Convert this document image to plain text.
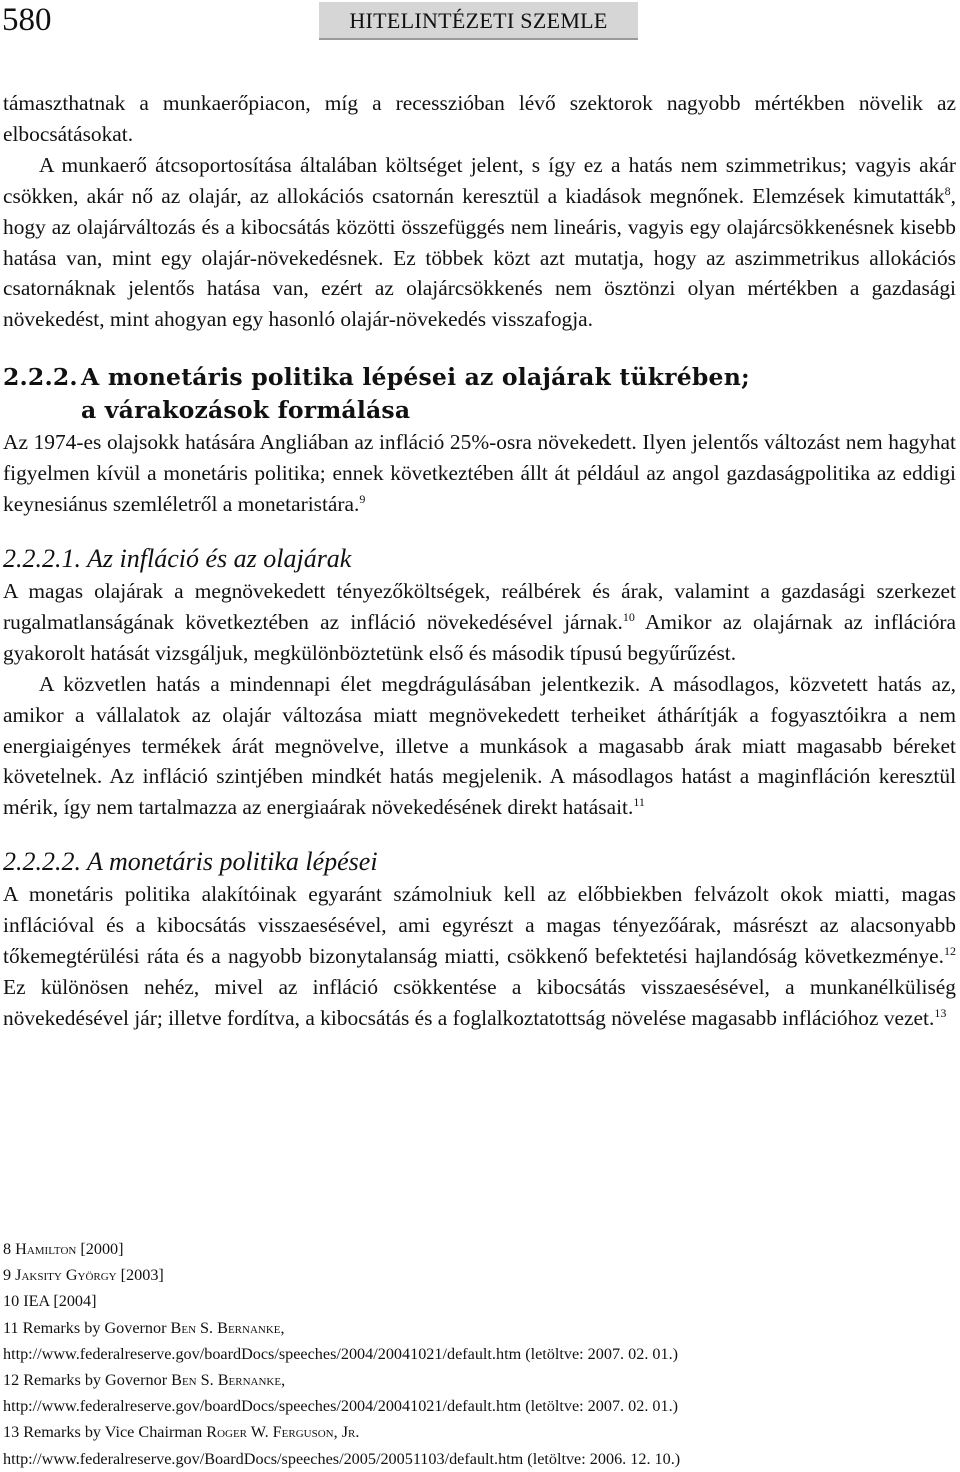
580	HITELINTÉZETI SZEMLE

támaszthatnak a munkaerőpiacon, míg a recesszióban lévő szektorok nagyobb mértékben növelik az elbocsátásokat.

A munkaerő átcsoportosítása általában költséget jelent, s így ez a hatás nem szimmetrikus; vagyis akár csökken, akár nő az olajár, az allokációs csatornán keresztül a kiadások megnőnek. Elemzések kimutatták$^8$, hogy az olajárváltozás és a kibocsátás közötti összefüggés nem lineáris, vagyis egy olajárcsökkenésnek kisebb hatása van, mint egy olajár-növekedésnek. Ez többek közt azt mutatja, hogy az aszimmetrikus allokációs csatornáknak jelentős hatása van, ezért az olajárcsökkenés nem ösztönzi olyan mértékben a gazdasági növekedést, mint ahogyan egy hasonló olajár-növekedés visszafogja.

2.2.2. A monetáris politika lépései az olajárak tükrében;
a várakozások formálása

Az 1974-es olajsokk hatására Angliában az infláció 25%-osra növekedett. Ilyen jelentős változást nem hagyhat figyelmen kívül a monetáris politika; ennek következtében állt át például az angol gazdaságpolitika az eddigi keynesiánus szemléletről a monetaristára.$^9$

2.2.2.1. Az infláció és az olajárak

A magas olajárak a megnövekedett tényezőköltségek, reálbérek és árak, valamint a gazdasági szerkezet rugalmatlanságának következtében az infláció növekedésével járnak.$^{10}$ Amikor az olajárnak az inflációra gyakorolt hatását vizsgáljuk, megkülönböztetünk első és második típusú begyűrűzést.

A közvetlen hatás a mindennapi élet megdrágulásában jelentkezik. A másodlagos, közvetett hatás az, amikor a vállalatok az olajár változása miatt megnövekedett terheiket áthárítják a fogyasztóikra a nem energiaigényes termékek árát megnövelve, illetve a munkások a magasabb árak miatt magasabb béreket követelnek. Az infláció szintjében mindkét hatás megjelenik. A másodlagos hatást a maginfláción keresztül mérik, így nem tartalmazza az energiaárak növekedésének direkt hatásait.$^{11}$

2.2.2.2. A monetáris politika lépései

A monetáris politika alakítóinak egyaránt számolniuk kell az előbbiekben felvázolt okok miatti, magas inflációval és a kibocsátás visszaesésével, ami egyrészt a magas tényezőárak, másrészt az alacsonyabb tőkemegtérülési ráta és a nagyobb bizonytalanság miatti, csökkenő befektetési hajlandóság következménye.$^{12}$ Ez különösen nehéz, mivel az infláció csökkentése a kibocsátás visszaesésével, a munkanélküliség növekedésével jár; illetve fordítva, a kibocsátás és a foglalkoztatottság növelése magasabb inflációhoz vezet.$^{13}$

8 Hamilton [2000]
9 Jaksity György [2003]
10 IEA [2004]
11 Remarks by Governor Ben S. Bernanke,
http://www.federalreserve.gov/boardDocs/speeches/2004/20041021/default.htm (letöltve: 2007. 02. 01.)
12 Remarks by Governor Ben S. Bernanke,
http://www.federalreserve.gov/boardDocs/speeches/2004/20041021/default.htm (letöltve: 2007. 02. 01.)
13 Remarks by Vice Chairman Roger W. Ferguson, Jr.
http://www.federalreserve.gov/BoardDocs/speeches/2005/20051103/default.htm (letöltve: 2006. 12. 10.)
